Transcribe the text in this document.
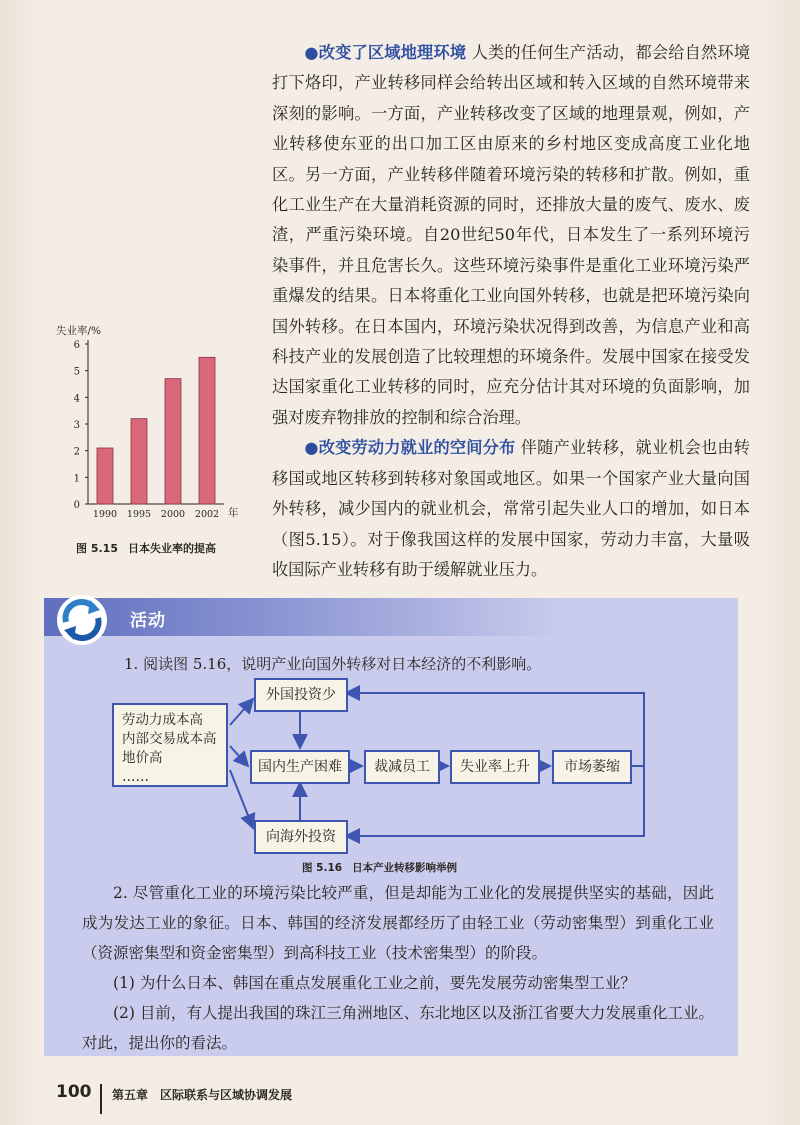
●改变了区域地理环境 人类的任何生产活动，都会给自然环境打下烙印，产业转移同样会给转出区域和转入区域的自然环境带来深刻的影响。一方面，产业转移改变了区域的地理景观，例如，产业转移使东亚的出口加工区由原来的乡村地区变成高度工业化地区。另一方面，产业转移伴随着环境污染的转移和扩散。例如，重化工业生产在大量消耗资源的同时，还排放大量的废气、废水、废渣，严重污染环境。自20世纪50年代，日本发生了一系列环境污染事件，并且危害长久。这些环境污染事件是重化工业环境污染严重爆发的结果。日本将重化工业向国外转移，也就是把环境污染向国外转移。在日本国内，环境污染状况得到改善，为信息产业和高科技产业的发展创造了比较理想的环境条件。发展中国家在接受发达国家重化工业转移的同时，应充分估计其对环境的负面影响，加强对废弃物排放的控制和综合治理。

●改变劳动力就业的空间分布 伴随产业转移，就业机会也由转移国或地区转移到转移对象国或地区。如果一个国家产业大量向国外转移，减少国内的就业机会，常常引起失业人口的增加，如日本（图5.15）。对于像我国这样的发展中国家，劳动力丰富，大量吸收国际产业转移有助于缓解就业压力。

失业率/%
0
1
2
3
4
5
6
1990 1995 2000 2002 年
图 5.15 日本失业率的提高
活动
1. 阅读图 5.16，说明产业向国外转移对日本经济的不利影响。
劳动力成本高
内部交易成本高
地价高
……
外国投资少
国内生产困难	裁减员工	失业率上升	市场萎缩
向海外投资
图 5.16 日本产业转移影响举例

2. 尽管重化工业的环境污染比较严重，但是却能为工业化的发展提供坚实的基础，因此成为发达工业的象征。日本、韩国的经济发展都经历了由轻工业（劳动密集型）到重化工业（资源密集型和资金密集型）到高科技工业（技术密集型）的阶段。

(1) 为什么日本、韩国在重点发展重化工业之前，要先发展劳动密集型工业？

(2) 目前，有人提出我国的珠江三角洲地区、东北地区以及浙江省要大力发展重化工业。对此，提出你的看法。

100 第五章　区际联系与区域协调发展
